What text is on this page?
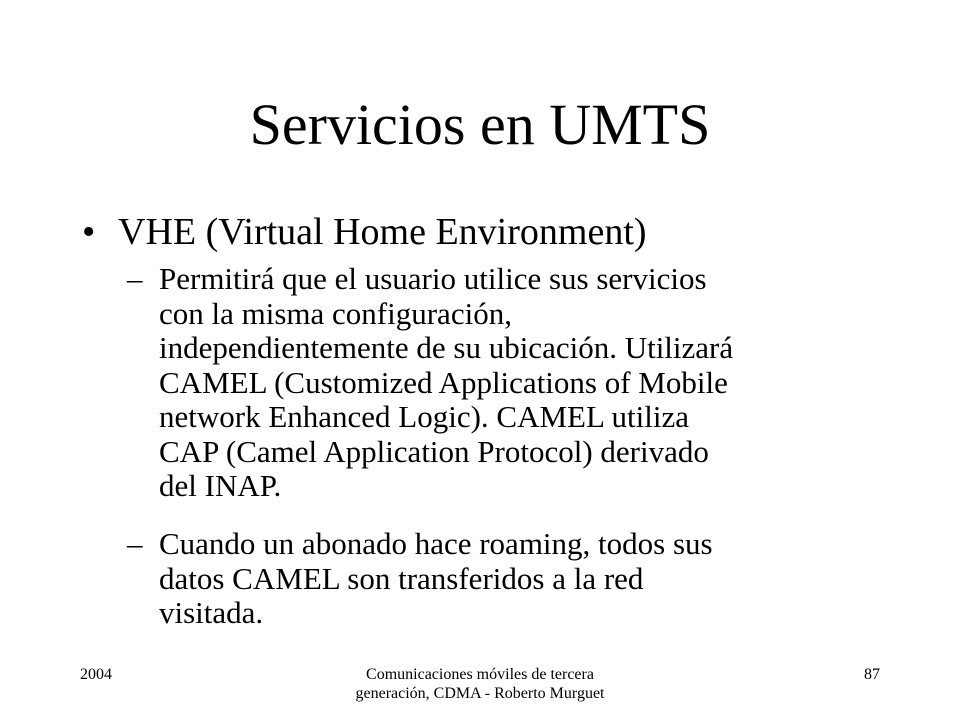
Servicios en UMTS
• VHE (Virtual Home Environment)
– Permitirá que el usuario utilice sus servicios
con la misma configuración,
independientemente de su ubicación. Utilizará
CAMEL (Customized Applications of Mobile
network Enhanced Logic). CAMEL utiliza
CAP (Camel Application Protocol) derivado
del INAP.
– Cuando un abonado hace roaming, todos sus
datos CAMEL son transferidos a la red
visitada.
2004	Comunicaciones móviles de tercera generación, CDMA - Roberto Murguet
87
